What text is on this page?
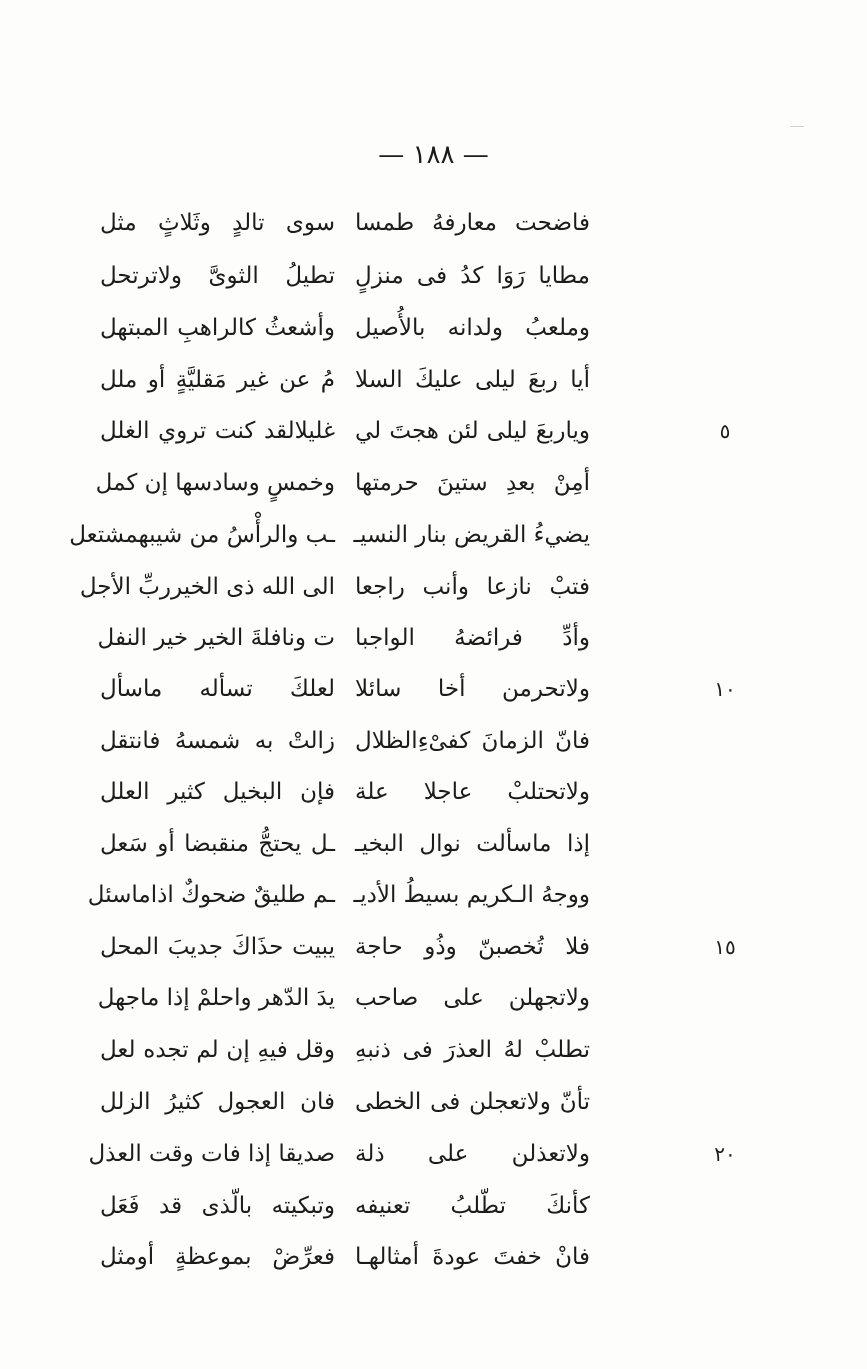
— ١٨٨ —
فاضحت معارفهُ طمسا
سوى تالدٍ وثَلاثٍ مثل
مطايا رَوَا كدُ فى منزلٍ
تطيلُ الثوىَّ ولاترتحل
وملعبُ ولدانه بالأُصيل
وأشعثُ كالراهبِ المبتهل
أيا ربعَ ليلى عليكَ السلا
مُ عن غير مَقليَّةٍ أو ملل
وياربعَ ليلى لئن هجتَ لي
غليلالقد كنت تروي الغلل	٥
أمِنْ بعدِ ستينَ حرمتها
وخمسٍ وسادسها إن كمل
يضيءُ القريض بنار النسيـ
ـب والرأْسُ من شيبهمشتعل
فتبْ نازعا وأنب راجعا
الى الله ذى الخيرربِّ الأجل
وأدِّ فرائضهُ الواجبا
ت ونافلةَ الخير خير النفل
ولاتحرمن أخا سائلا
لعلكَ تسأله ماسأل	١٠
فانّ الزمانَ كفىْءِالظلال
زالتْ به شمسهُ فانتقل
ولاتحتلبْ عاجلا علة
فإن البخيل كثير العلل
إذا ماسألت نوال البخيـ
ـل يحتجُّ منقبضا أو سَعل
ووجهُ الـكريم بسيطُ الأديـ
ـم طليقٌ ضحوكٌ اذاماسئل
فلا تُخصبنّ وذُو حاجة
يبيت حذَاكَ جديبَ المحل	١٥
ولاتجهلن على صاحب
يدَ الدّهر واحلمْ إذا ماجهل
تطلبْ لهُ العذرَ فى ذنبهِ
وقل فيهِ إن لم تجده لعل
تأنّ ولاتعجلن فى الخطى
فان العجول كثيرُ الزلل
ولاتعذلن على ذلة
صديقا إذا فات وقت العذل	٢٠
كأنكَ تطّلبُ تعنيفه
وتبكيته بالّذى قد فَعَل
فانْ خفتَ عودةَ أمثالهـا
فعرِّضْ بموعظةٍ أومثل
